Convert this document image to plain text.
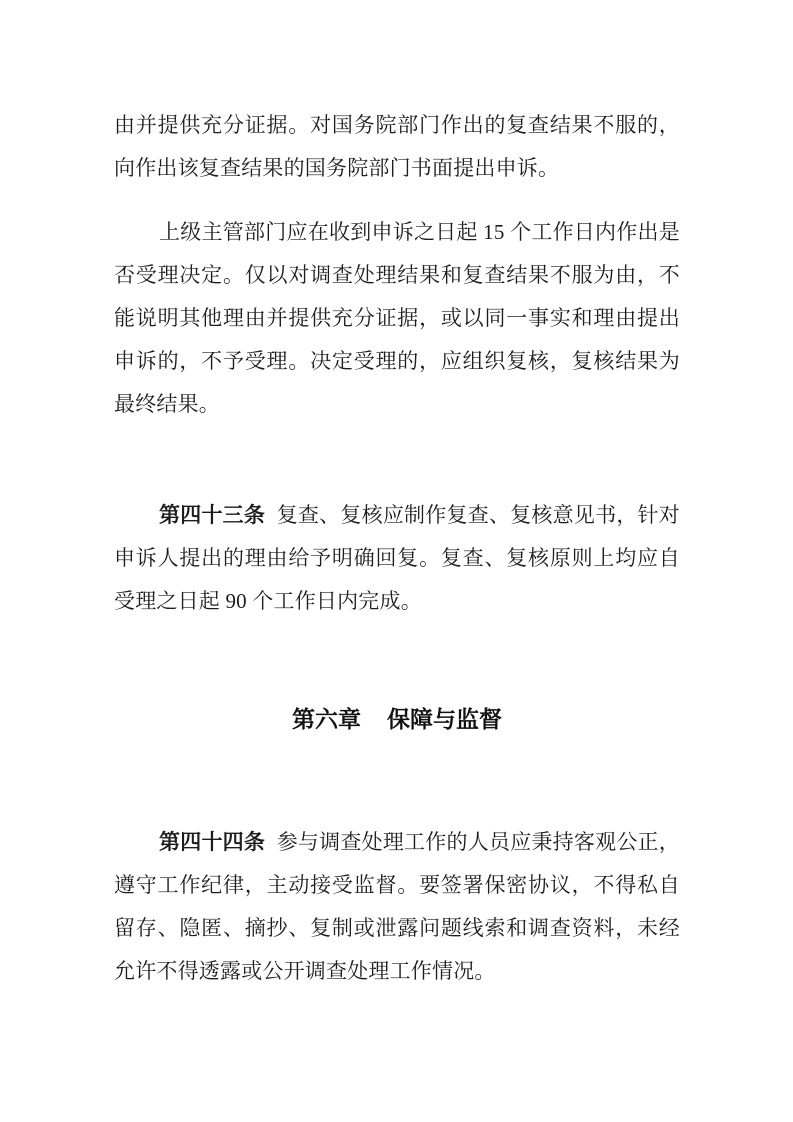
由并提供充分证据。对国务院部门作出的复查结果不服的，向作出该复查结果的国务院部门书面提出申诉。

上级主管部门应在收到申诉之日起 15 个工作日内作出是否受理决定。仅以对调查处理结果和复查结果不服为由，不能说明其他理由并提供充分证据，或以同一事实和理由提出申诉的，不予受理。决定受理的，应组织复核，复核结果为最终结果。

第四十三条 复查、复核应制作复查、复核意见书，针对申诉人提出的理由给予明确回复。复查、复核原则上均应自受理之日起 90 个工作日内完成。

第六章 保障与监督

第四十四条 参与调查处理工作的人员应秉持客观公正，遵守工作纪律，主动接受监督。要签署保密协议，不得私自留存、隐匿、摘抄、复制或泄露问题线索和调查资料，未经允许不得透露或公开调查处理工作情况。
